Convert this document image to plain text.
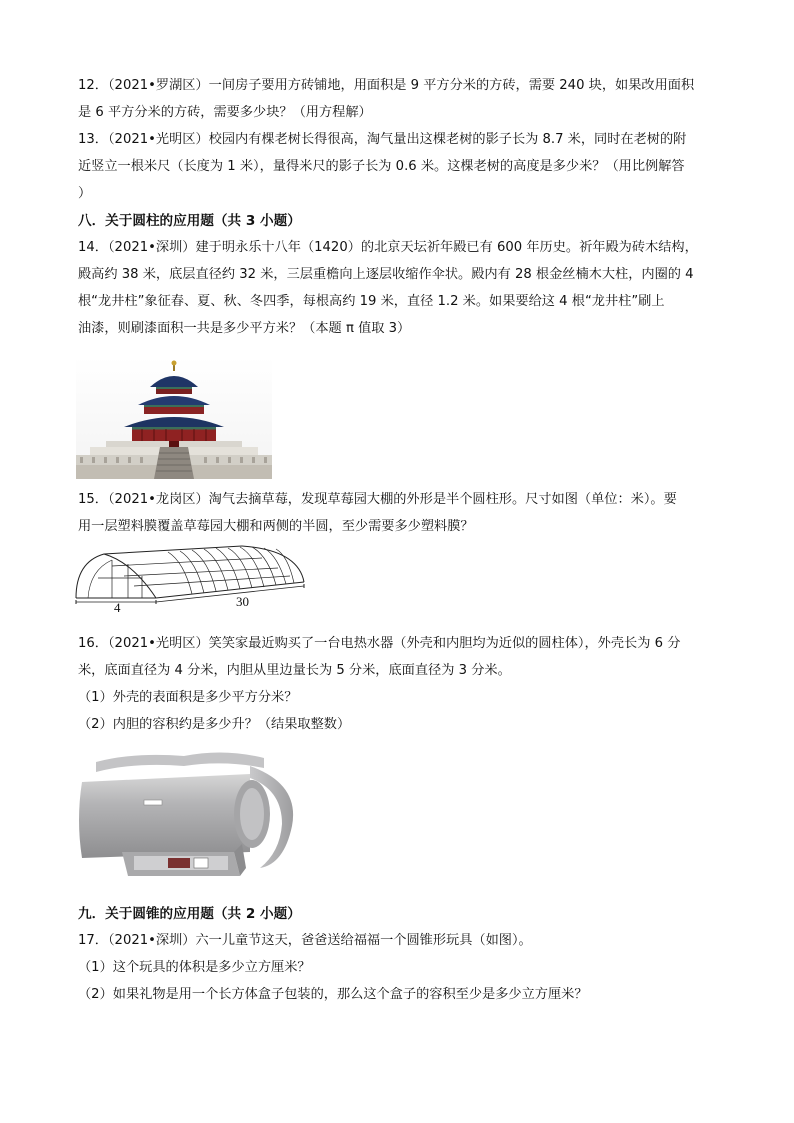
12．（2021•罗湖区）一间房子要用方砖铺地，用面积是 9 平方分米的方砖，需要 240 块，如果改用面积
是 6 平方分米的方砖，需要多少块？（用方程解）
13．（2021•光明区）校园内有棵老树长得很高，淘气量出这棵老树的影子长为 8.7 米，同时在老树的附
近竖立一根米尺（长度为 1 米），量得米尺的影子长为 0.6 米。这棵老树的高度是多少米？（用比例解答
）
八．关于圆柱的应用题（共 3 小题）
14．（2021•深圳）建于明永乐十八年（1420）的北京天坛祈年殿已有 600 年历史。祈年殿为砖木结构，
殿高约 38 米，底层直径约 32 米，三层重檐向上逐层收缩作伞状。殿内有 28 根金丝楠木大柱，内圈的 4
根“龙井柱”象征春、夏、秋、冬四季，每根高约 19 米，直径 1.2 米。如果要给这 4 根“龙井柱”刷上
油漆，则刷漆面积一共是多少平方米？（本题 π 值取 3）
15．（2021•龙岗区）淘气去摘草莓，发现草莓园大棚的外形是半个圆柱形。尺寸如图（单位：米）。要
用一层塑料膜覆盖草莓园大棚和两侧的半圆，至少需要多少塑料膜？
4	30
16．（2021•光明区）笑笑家最近购买了一台电热水器（外壳和内胆均为近似的圆柱体），外壳长为 6 分
米，底面直径为 4 分米，内胆从里边量长为 5 分米，底面直径为 3 分米。
（1）外壳的表面积是多少平方分米？
（2）内胆的容积约是多少升？（结果取整数）
九．关于圆锥的应用题（共 2 小题）
17．（2021•深圳）六一儿童节这天，爸爸送给福福一个圆锥形玩具（如图）。
（1）这个玩具的体积是多少立方厘米？
（2）如果礼物是用一个长方体盒子包装的，那么这个盒子的容积至少是多少立方厘米？
